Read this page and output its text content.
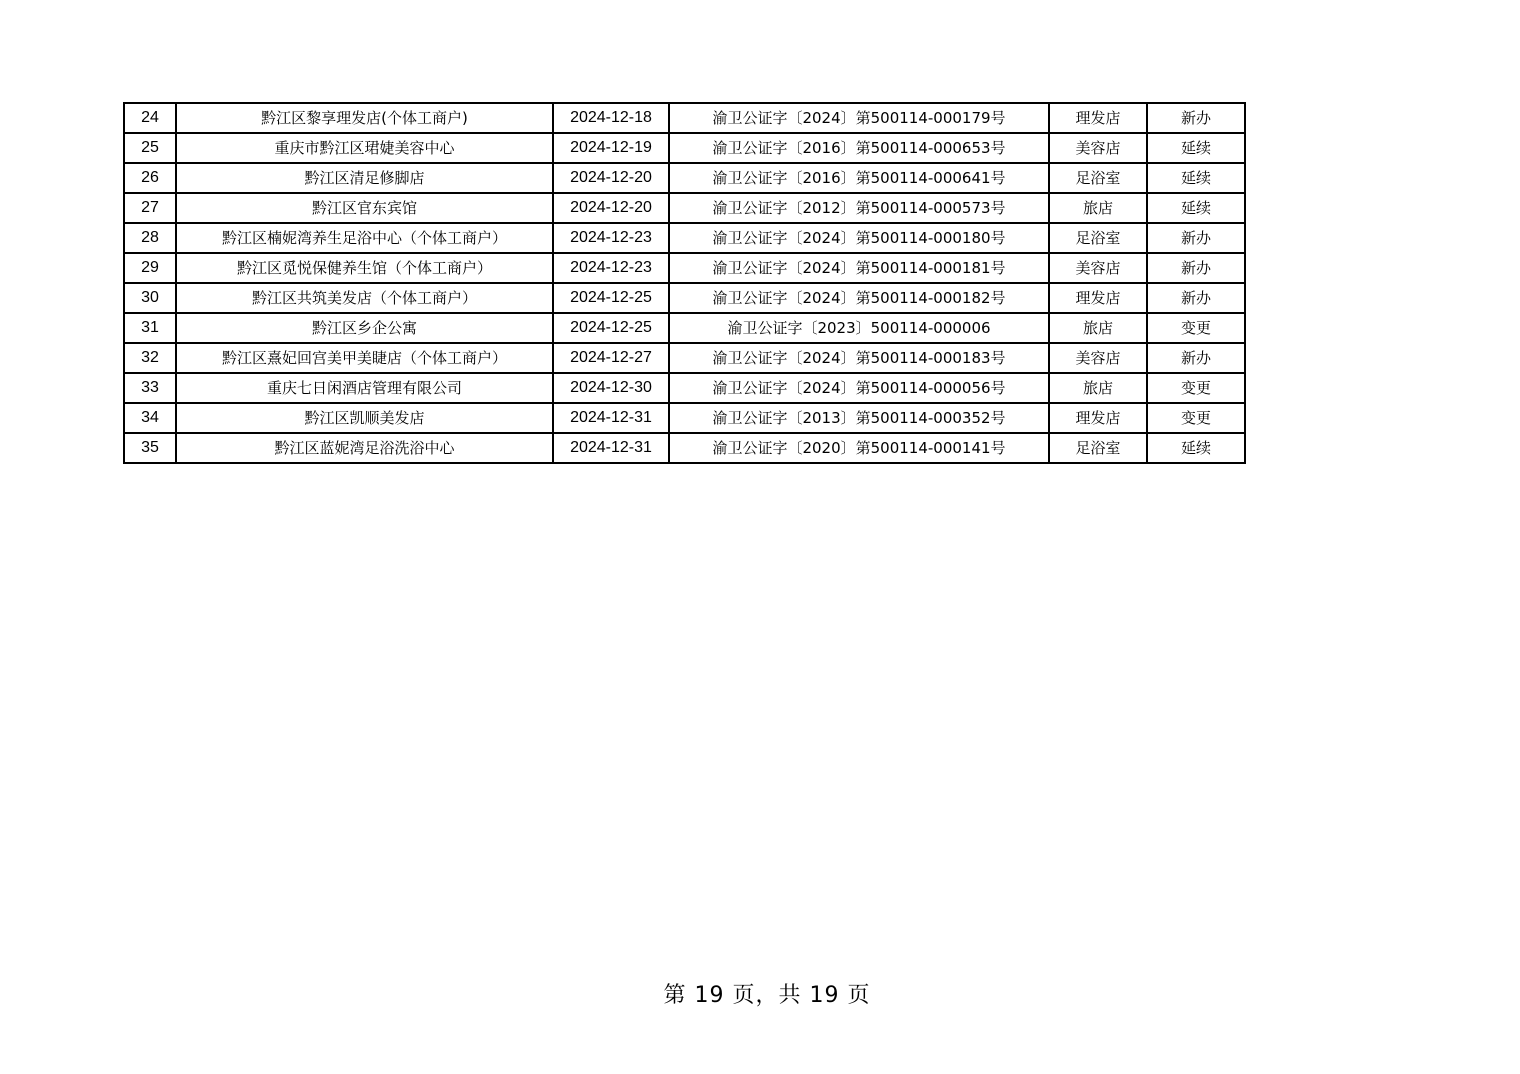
24	黔江区黎享理发店(个体工商户)	2024-12-18	渝卫公证字〔2024〕第500114-000179号	理发店	新办
25	重庆市黔江区珺婕美容中心	2024-12-19	渝卫公证字〔2016〕第500114-000653号	美容店	延续
26	黔江区清足修脚店	2024-12-20	渝卫公证字〔2016〕第500114-000641号	足浴室	延续
27	黔江区官东宾馆	2024-12-20	渝卫公证字〔2012〕第500114-000573号	旅店	延续
28	黔江区楠妮湾养生足浴中心（个体工商户）	2024-12-23	渝卫公证字〔2024〕第500114-000180号	足浴室	新办
29	黔江区觅悦保健养生馆（个体工商户）	2024-12-23	渝卫公证字〔2024〕第500114-000181号	美容店	新办
30	黔江区共筑美发店（个体工商户）	2024-12-25	渝卫公证字〔2024〕第500114-000182号	理发店	新办
31	黔江区乡企公寓	2024-12-25	渝卫公证字〔2023〕500114-000006	旅店	变更
32	黔江区熹妃回宫美甲美睫店（个体工商户）	2024-12-27	渝卫公证字〔2024〕第500114-000183号	美容店	新办
33	重庆七日闲酒店管理有限公司	2024-12-30	渝卫公证字〔2024〕第500114-000056号	旅店	变更
34	黔江区凯顺美发店	2024-12-31	渝卫公证字〔2013〕第500114-000352号	理发店	变更
35	黔江区蓝妮湾足浴洗浴中心	2024-12-31	渝卫公证字〔2020〕第500114-000141号	足浴室	延续
第 19 页，共 19 页
